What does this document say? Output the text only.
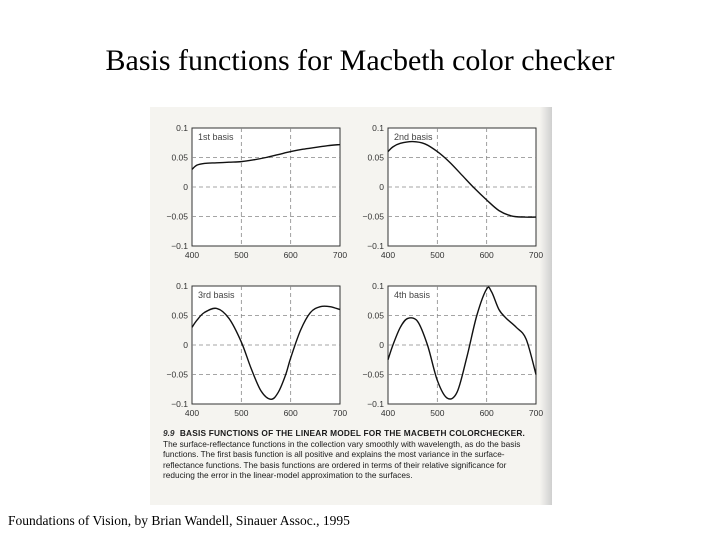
Basis functions for Macbeth color checker
0.1
0.05
0
−0.05
−0.1
400	500	600	700
1st basis
0.1
0.05
0
−0.05
−0.1
400	500	600	700
2nd basis
0.1
0.05
0
−0.05
−0.1
400	500	600	700
3rd basis
0.1
0.05
0
−0.05
−0.1
400	500	600	700
4th basis
9.9 BASIS FUNCTIONS OF THE LINEAR MODEL FOR THE MACBETH COLORCHECKER. The surface-reflectance functions in the collection vary smoothly with wavelength, as do the basis functions. The first basis function is all positive and explains the most variance in the surface-reflectance functions. The basis functions are ordered in terms of their relative significance for reducing the error in the linear-model approximation to the surfaces.
Foundations of Vision, by Brian Wandell, Sinauer Assoc., 1995
